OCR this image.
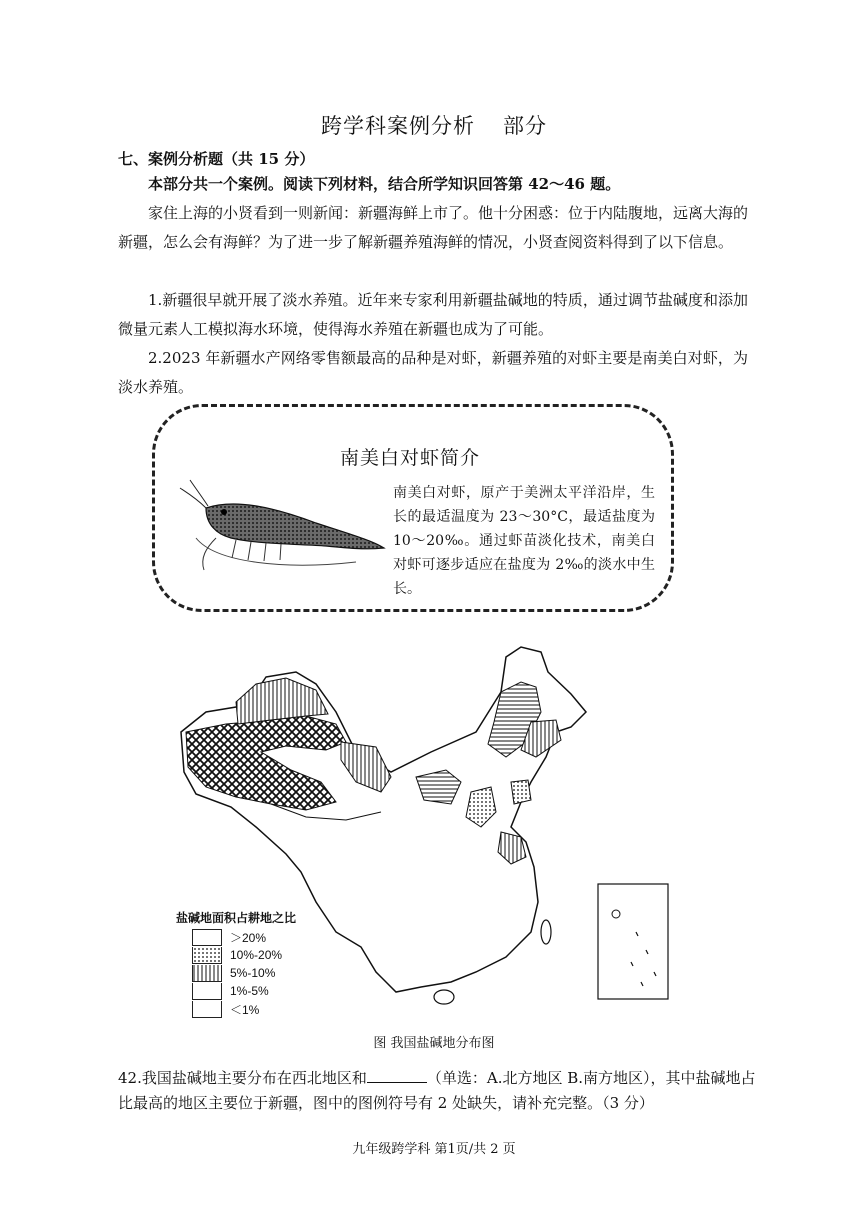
跨学科案例分析 部分
七、案例分析题（共 15 分）
本部分共一个案例。阅读下列材料，结合所学知识回答第 42～46 题。
家住上海的小贤看到一则新闻：新疆海鲜上市了。他十分困惑：位于内陆腹地，远离大海的新疆，怎么会有海鲜？为了进一步了解新疆养殖海鲜的情况，小贤查阅资料得到了以下信息。
1.新疆很早就开展了淡水养殖。近年来专家利用新疆盐碱地的特质，通过调节盐碱度和添加微量元素人工模拟海水环境，使得海水养殖在新疆也成为了可能。
2.2023 年新疆水产网络零售额最高的品种是对虾，新疆养殖的对虾主要是南美白对虾，为淡水养殖。
南美白对虾简介
南美白对虾，原产于美洲太平洋沿岸，生长的最适温度为 23～30°C，最适盐度为 10～20‰。通过虾苗淡化技术，南美白对虾可逐步适应在盐度为 2‰的淡水中生长。
盐碱地面积占耕地之比
＞20%
10%-20%
5%-10%
1%-5%
＜1%
图 我国盐碱地分布图
42.我国盐碱地主要分布在西北地区和	（单选：A.北方地区 B.南方地区），其中盐碱地占比最高的地区主要位于新疆，图中的图例符号有 2 处缺失，请补充完整。（3 分）
九年级跨学科 第1页/共 2 页
